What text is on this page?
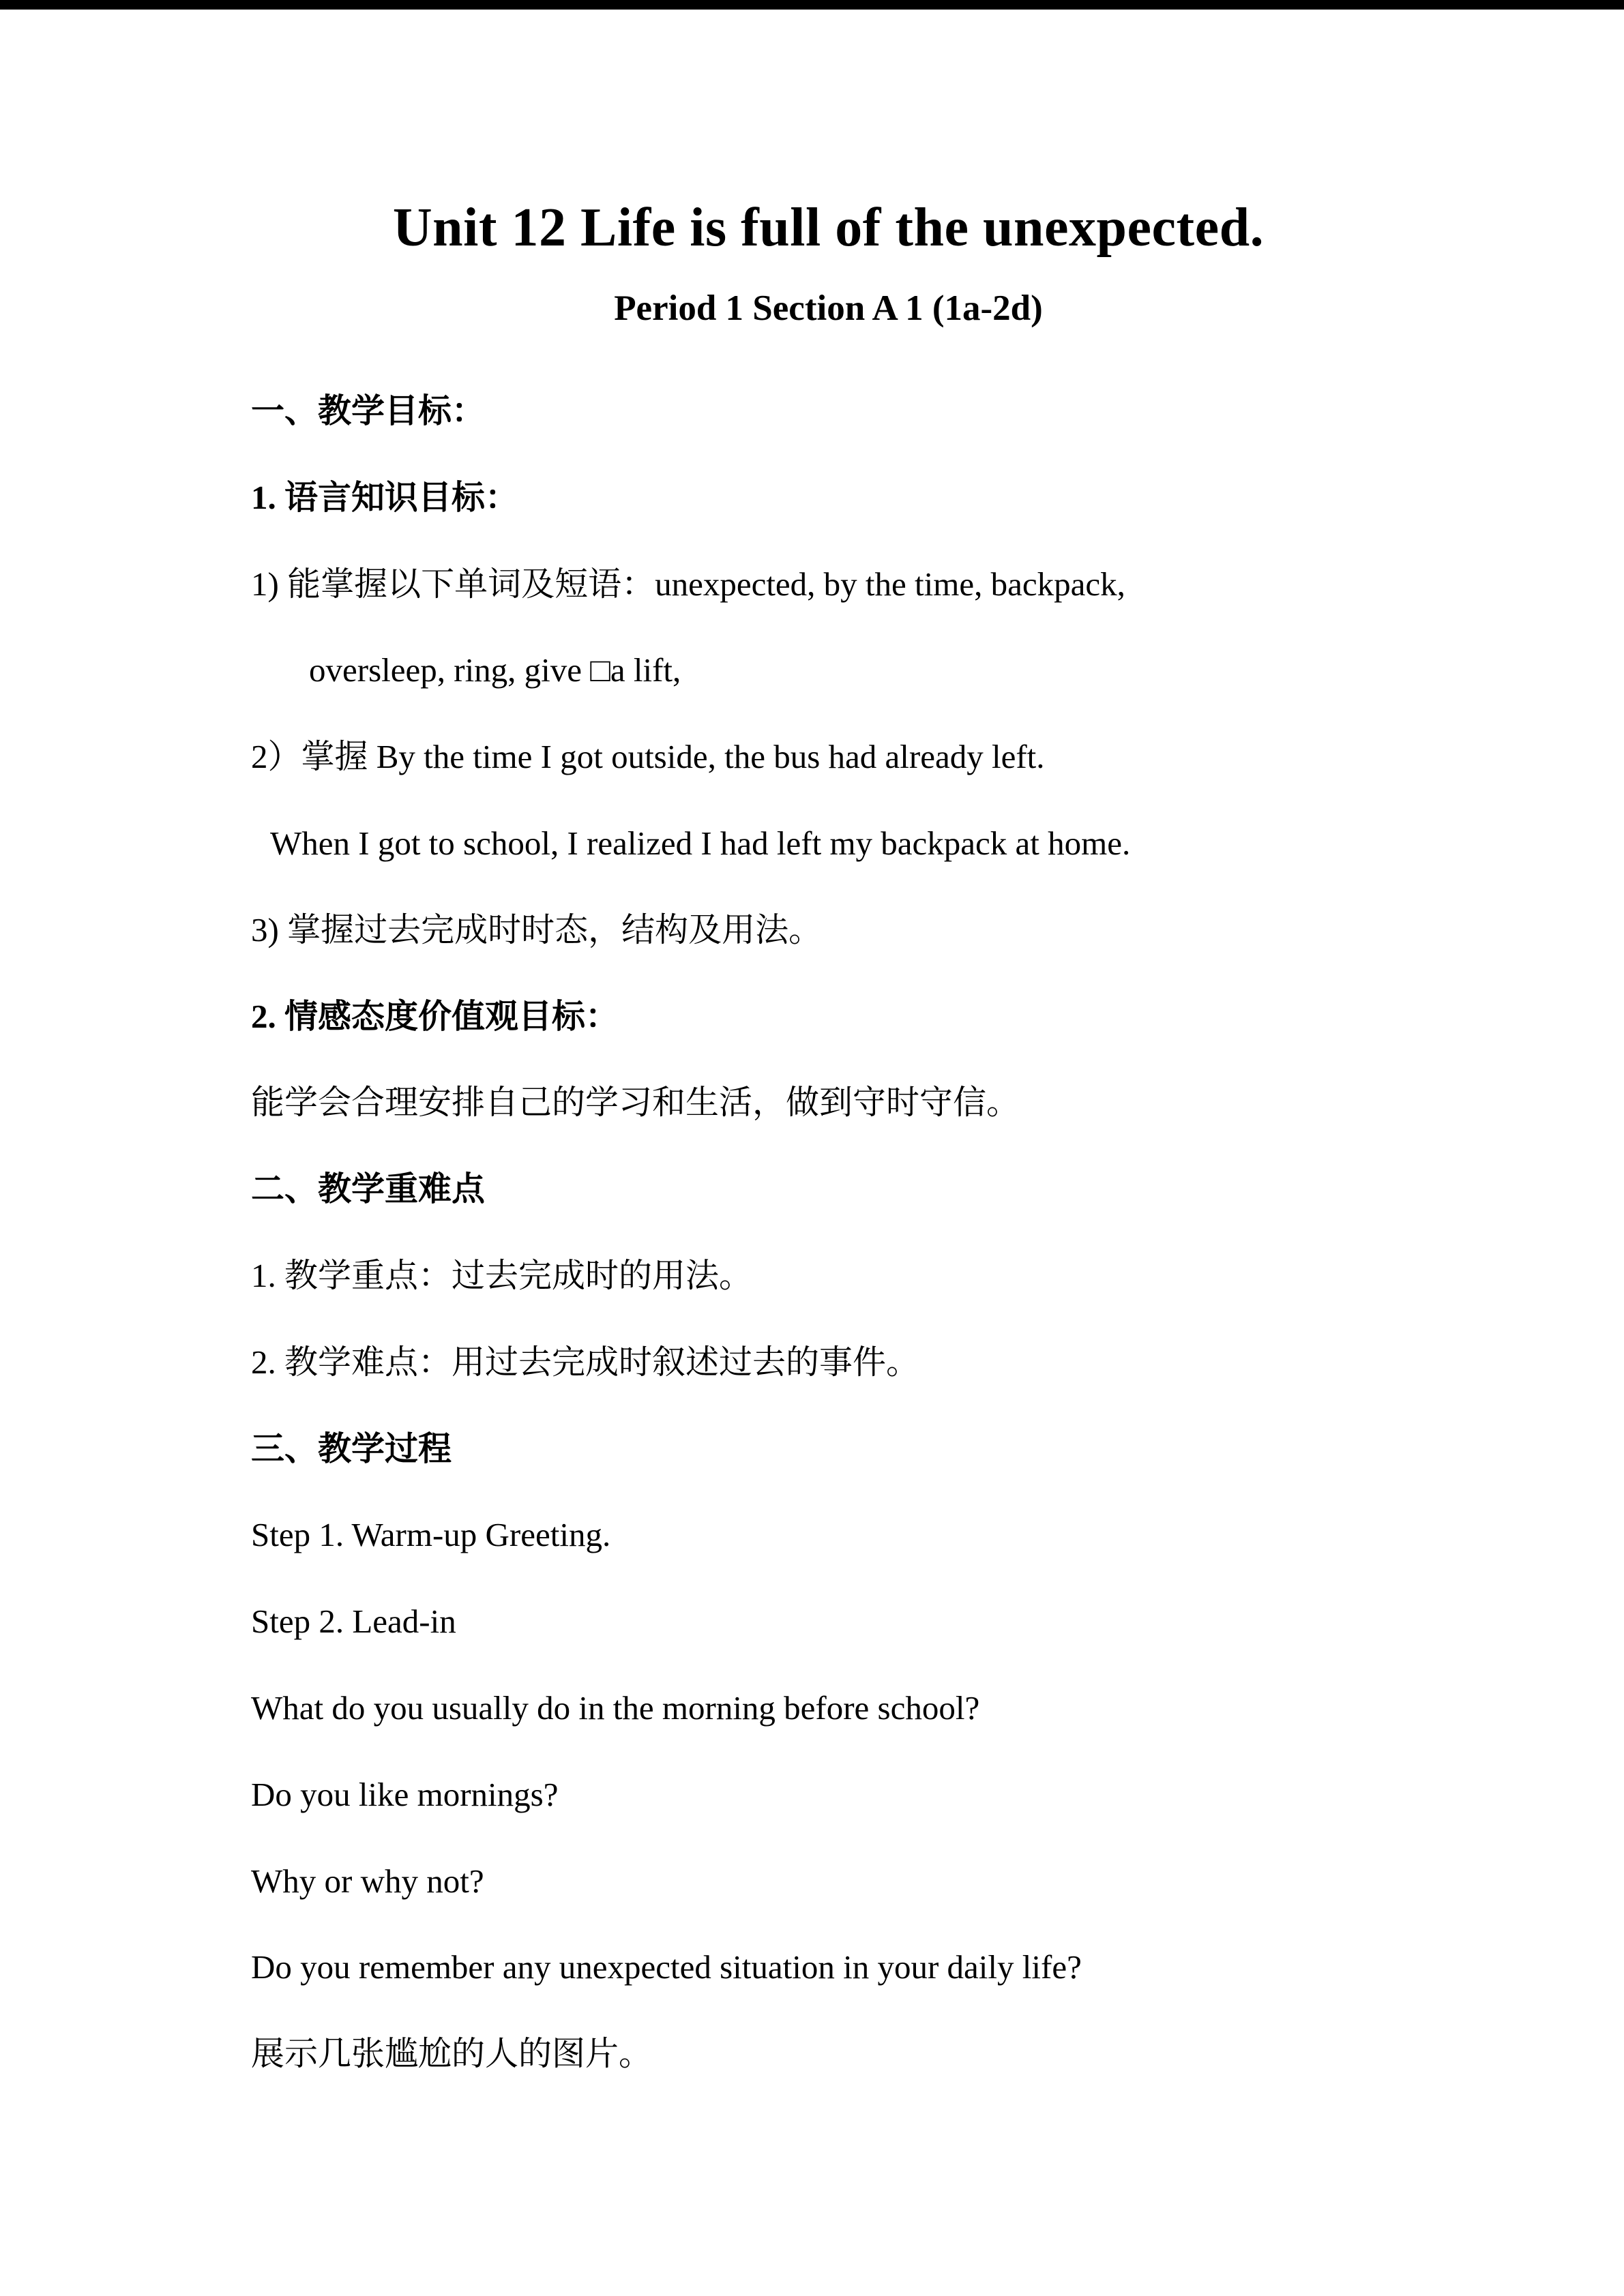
Unit 12 Life is full of the unexpected.
Period 1 Section A 1 (1a-2d)

一、教学目标：

1. 语言知识目标：

1) 能掌握以下单词及短语：unexpected, by the time, backpack,

oversleep, ring, give □a lift,

2）掌握 By the time I got outside, the bus had already left.

When I got to school, I realized I had left my backpack at home.

3) 掌握过去完成时时态，结构及用法。

2. 情感态度价值观目标：

能学会合理安排自己的学习和生活，做到守时守信。

二、教学重难点

1. 教学重点：过去完成时的用法。

2. 教学难点：用过去完成时叙述过去的事件。

三、教学过程

Step 1. Warm-up Greeting.

Step 2. Lead-in

What do you usually do in the morning before school?

Do you like mornings?

Why or why not?

Do you remember any unexpected situation in your daily life?

展示几张尴尬的人的图片。
